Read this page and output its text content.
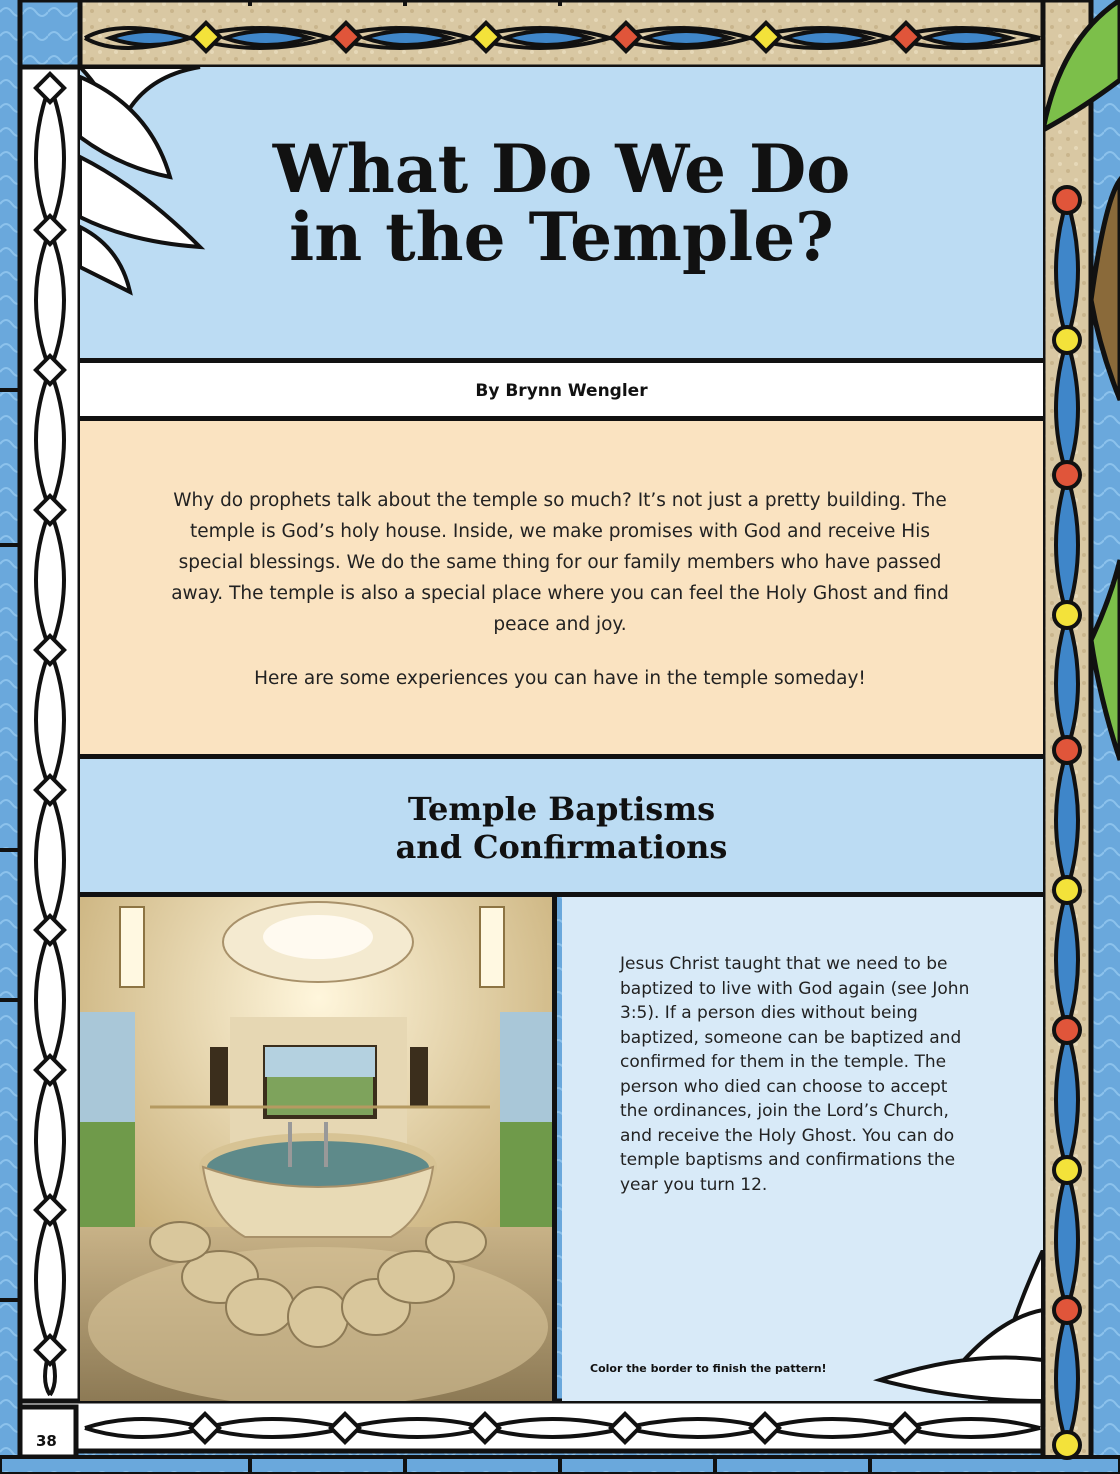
What Do We Do
in the Temple?
By Brynn Wengler

Why do prophets talk about the temple so much? It’s not just a pretty building. The temple is God’s holy house. Inside, we make promises with God and receive His special blessings. We do the same thing for our family members who have passed away. The temple is also a special place where you can feel the Holy Ghost and find peace and joy.

Here are some experiences you can have in the temple someday!

Temple Baptisms
and Confirmations

Jesus Christ taught that we need to be baptized to live with God again (see John 3:5). If a person dies without being baptized, someone can be baptized and confirmed for them in the temple. The person who died can choose to accept the ordinances, join the Lord’s Church, and receive the Holy Ghost. You can do temple baptisms and confirmations the year you turn 12.

Color the border to finish the pattern!
38
